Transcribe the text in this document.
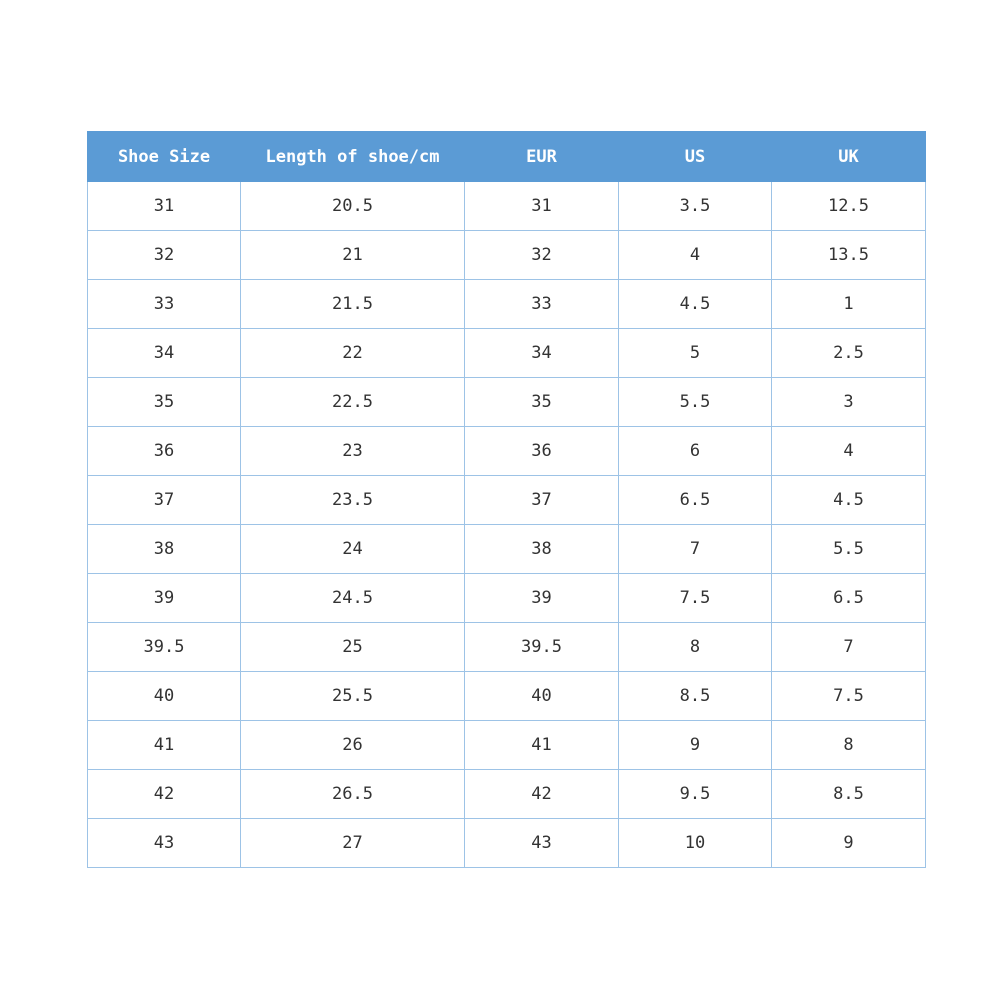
Shoe Size	Length of shoe/cm	EUR	US	UK
31	20.5	31	3.5	12.5
32	21	32	4	13.5
33	21.5	33	4.5	1
34	22	34	5	2.5
35	22.5	35	5.5	3
36	23	36	6	4
37	23.5	37	6.5	4.5
38	24	38	7	5.5
39	24.5	39	7.5	6.5
39.5	25	39.5	8	7
40	25.5	40	8.5	7.5
41	26	41	9	8
42	26.5	42	9.5	8.5
43	27	43	10	9
